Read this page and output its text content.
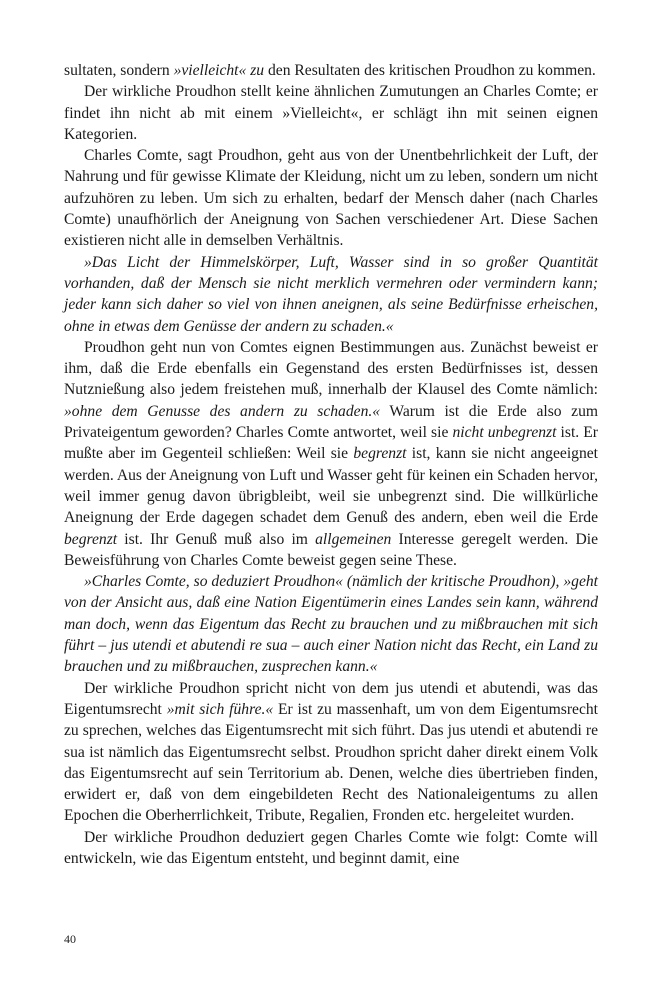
sultaten, sondern »vielleicht« zu den Resultaten des kritischen Proudhon zu kommen.

Der wirkliche Proudhon stellt keine ähnlichen Zumutungen an Charles Comte; er findet ihn nicht ab mit einem »Vielleicht«, er schlägt ihn mit seinen eignen Kategorien.

Charles Comte, sagt Proudhon, geht aus von der Unentbehrlichkeit der Luft, der Nahrung und für gewisse Klimate der Kleidung, nicht um zu leben, sondern um nicht aufzuhören zu leben. Um sich zu erhalten, bedarf der Mensch daher (nach Charles Comte) unaufhörlich der Aneignung von Sachen verschiedener Art. Diese Sachen existieren nicht alle in demselben Verhältnis.

»Das Licht der Himmelskörper, Luft, Wasser sind in so großer Quantität vorhanden, daß der Mensch sie nicht merklich vermehren oder vermindern kann; jeder kann sich daher so viel von ihnen aneignen, als seine Bedürfnisse erheischen, ohne in etwas dem Genüsse der andern zu schaden.«

Proudhon geht nun von Comtes eignen Bestimmungen aus. Zunächst beweist er ihm, daß die Erde ebenfalls ein Gegenstand des ersten Bedürfnisses ist, dessen Nutznießung also jedem freistehen muß, innerhalb der Klausel des Comte nämlich: »ohne dem Genusse des andern zu schaden.« Warum ist die Erde also zum Privateigentum geworden? Charles Comte antwortet, weil sie nicht unbegrenzt ist. Er mußte aber im Gegenteil schließen: Weil sie begrenzt ist, kann sie nicht angeeignet werden. Aus der Aneignung von Luft und Wasser geht für keinen ein Schaden hervor, weil immer genug davon übrigbleibt, weil sie unbegrenzt sind. Die willkürliche Aneignung der Erde dagegen schadet dem Genuß des andern, eben weil die Erde begrenzt ist. Ihr Genuß muß also im allgemeinen Interesse geregelt werden. Die Beweisführung von Charles Comte beweist gegen seine These.

»Charles Comte, so deduziert Proudhon« (nämlich der kritische Proudhon), »geht von der Ansicht aus, daß eine Nation Eigentümerin eines Landes sein kann, während man doch, wenn das Eigentum das Recht zu brauchen und zu mißbrauchen mit sich führt – jus utendi et abutendi re sua – auch einer Nation nicht das Recht, ein Land zu brauchen und zu mißbrauchen, zusprechen kann.«

Der wirkliche Proudhon spricht nicht von dem jus utendi et abutendi, was das Eigentumsrecht »mit sich führe.« Er ist zu massenhaft, um von dem Eigentumsrecht zu sprechen, welches das Eigentumsrecht mit sich führt. Das jus utendi et abutendi re sua ist nämlich das Eigentumsrecht selbst. Proudhon spricht daher direkt einem Volk das Eigentumsrecht auf sein Territorium ab. Denen, welche dies übertrieben finden, erwidert er, daß von dem eingebildeten Recht des Nationaleigentums zu allen Epochen die Oberherrlichkeit, Tribute, Regalien, Fronden etc. hergeleitet wurden.

Der wirkliche Proudhon deduziert gegen Charles Comte wie folgt: Comte will entwickeln, wie das Eigentum entsteht, und beginnt damit, eine

40
